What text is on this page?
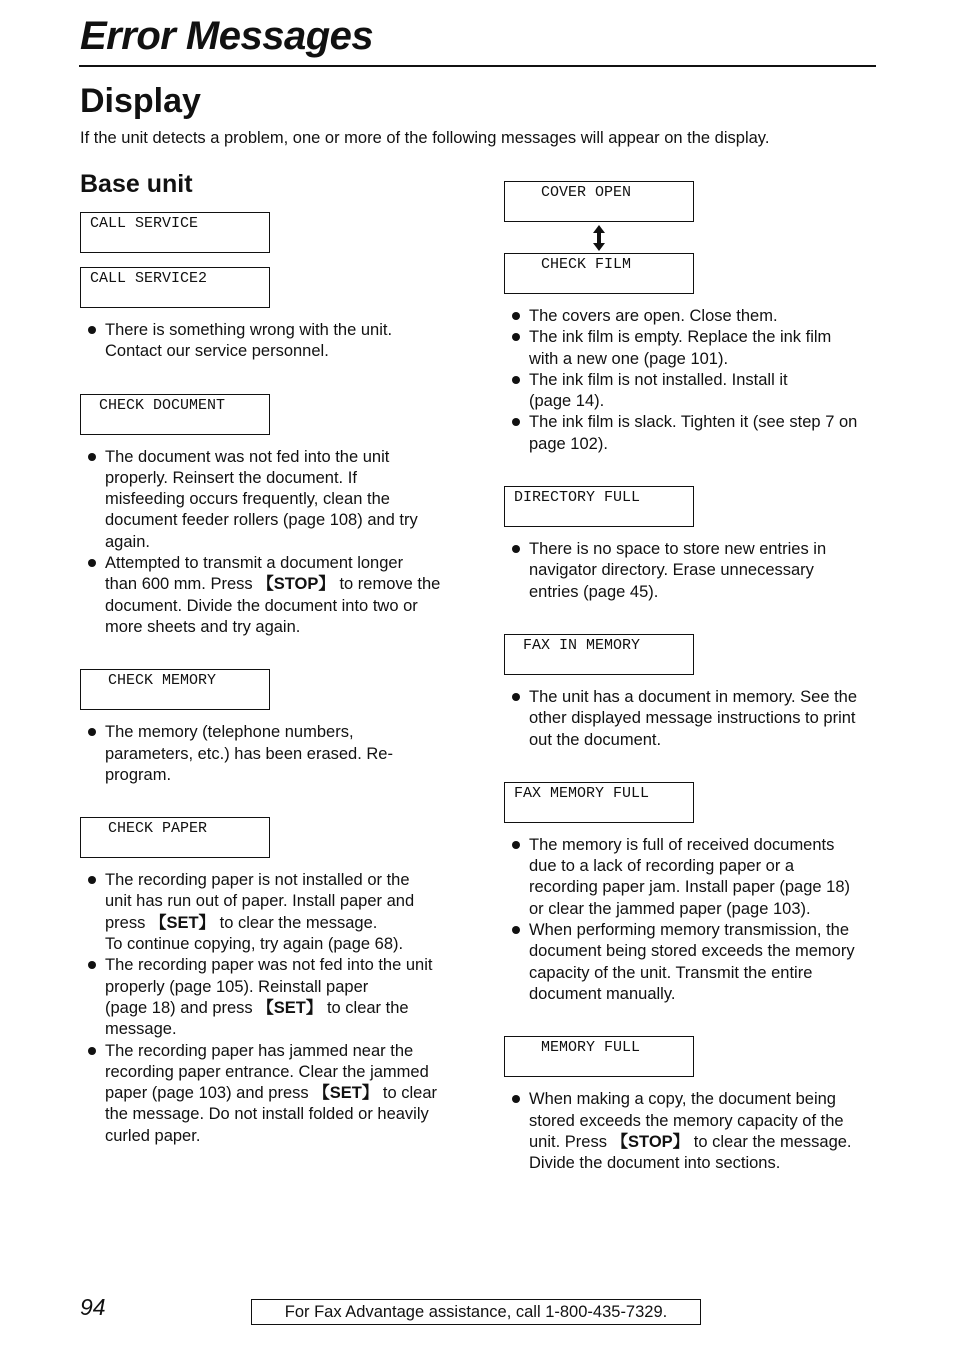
Error Messages
Display

If the unit detects a problem, one or more of the following messages will appear on the display.

Base unit
CALL SERVICE
CALL SERVICE2
There is something wrong with the unit.
Contact our service personnel.
CHECK DOCUMENT
The document was not fed into the unit
properly. Reinsert the document. If
misfeeding occurs frequently, clean the
document feeder rollers (page 108) and try
again.
Attempted to transmit a document longer
than 600 mm. Press 【STOP】 to remove the
document. Divide the document into two or
more sheets and try again.
CHECK MEMORY
The memory (telephone numbers,
parameters, etc.) has been erased. Re-
program.
CHECK PAPER
The recording paper is not installed or the
unit has run out of paper. Install paper and
press 【SET】 to clear the message.
To continue copying, try again (page 68).
The recording paper was not fed into the unit
properly (page 105). Reinstall paper
(page 18) and press 【SET】 to clear the
message.
The recording paper has jammed near the
recording paper entrance. Clear the jammed
paper (page 103) and press 【SET】 to clear
the message. Do not install folded or heavily
curled paper.
COVER OPEN
CHECK FILM
The covers are open. Close them.
The ink film is empty. Replace the ink film
with a new one (page 101).
The ink film is not installed. Install it
(page 14).
The ink film is slack. Tighten it (see step 7 on
page 102).
DIRECTORY FULL
There is no space to store new entries in
navigator directory. Erase unnecessary
entries (page 45).
FAX IN MEMORY
The unit has a document in memory. See the
other displayed message instructions to print
out the document.
FAX MEMORY FULL
The memory is full of received documents
due to a lack of recording paper or a
recording paper jam. Install paper (page 18)
or clear the jammed paper (page 103).
When performing memory transmission, the
document being stored exceeds the memory
capacity of the unit. Transmit the entire
document manually.
MEMORY FULL
When making a copy, the document being
stored exceeds the memory capacity of the
unit. Press 【STOP】 to clear the message.
Divide the document into sections.

94	For Fax Advantage assistance, call 1-800-435-7329.
